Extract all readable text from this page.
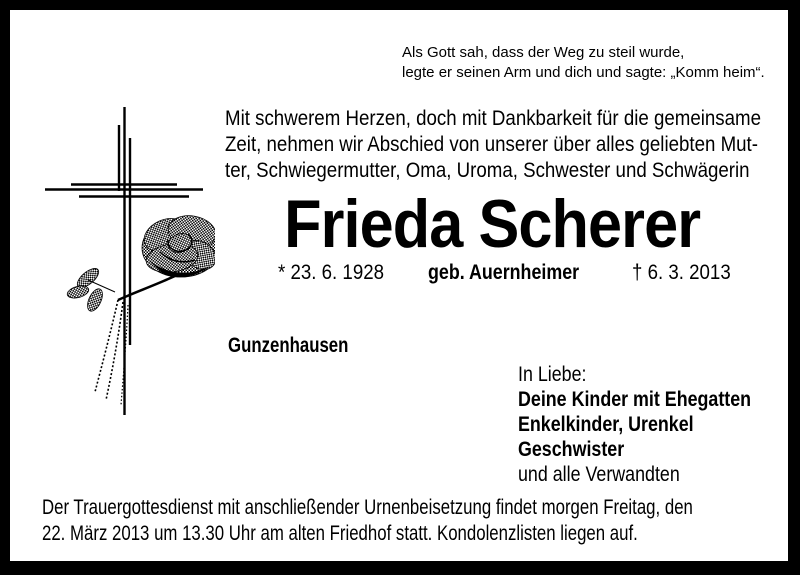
Als Gott sah, dass der Weg zu steil wurde,
legte er seinen Arm und dich und sagte: „Komm heim“.
Mit schwerem Herzen, doch mit Dankbarkeit für die gemeinsame
Zeit, nehmen wir Abschied von unserer über alles geliebten Mut-
ter, Schwiegermutter, Oma, Uroma, Schwester und Schwägerin
Frieda Scherer
* 23. 6. 1928	geb. Auernheimer	† 6. 3. 2013
Gunzenhausen
In Liebe:
Deine Kinder mit Ehegatten
Enkelkinder, Urenkel
Geschwister
und alle Verwandten
Der Trauergottesdienst mit anschließender Urnenbeisetzung findet morgen Freitag, den
22. März 2013 um 13.30 Uhr am alten Friedhof statt. Kondolenzlisten liegen auf.
